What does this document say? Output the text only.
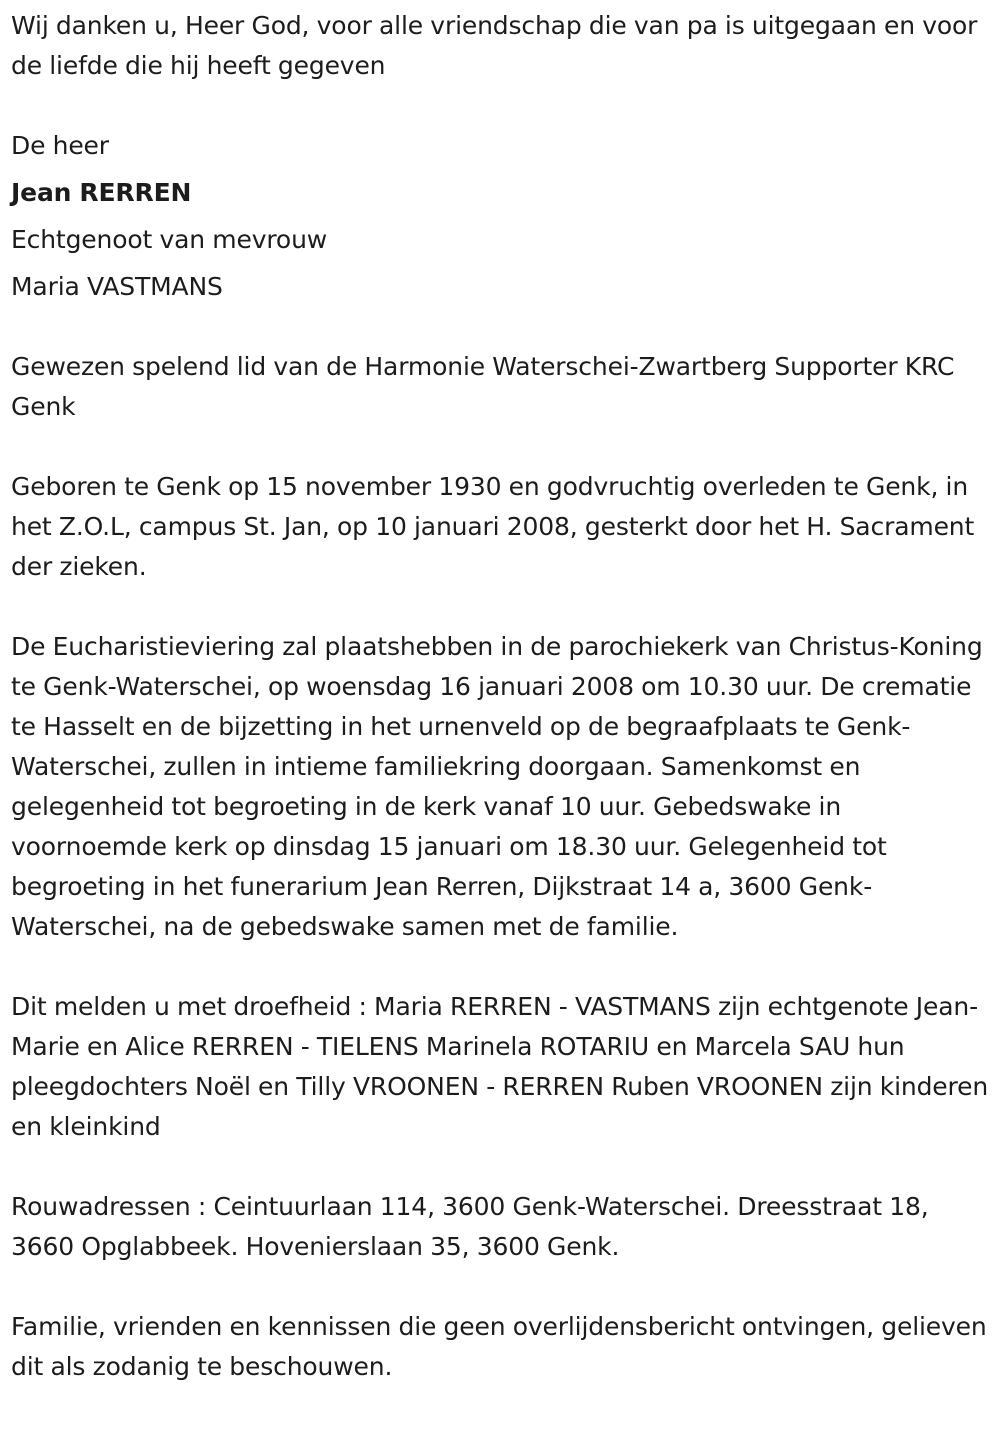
Wij danken u, Heer God, voor alle vriendschap die van pa is uitgegaan en voor de liefde die hij heeft gegeven

De heer

Jean RERREN

Echtgenoot van mevrouw

Maria VASTMANS

Gewezen spelend lid van de Harmonie Waterschei-Zwartberg Supporter KRC Genk

Geboren te Genk op 15 november 1930 en godvruchtig overleden te Genk, in het Z.O.L, campus St. Jan, op 10 januari 2008, gesterkt door het H. Sacrament der zieken.

De Eucharistieviering zal plaatshebben in de parochiekerk van Christus-Koning te Genk-Waterschei, op woensdag 16 januari 2008 om 10.30 uur. De crematie te Hasselt en de bijzetting in het urnenveld op de begraafplaats te Genk-Waterschei, zullen in intieme familiekring doorgaan. Samenkomst en gelegenheid tot begroeting in de kerk vanaf 10 uur. Gebedswake in voornoemde kerk op dinsdag 15 januari om 18.30 uur. Gelegenheid tot begroeting in het funerarium Jean Rerren, Dijkstraat 14 a, 3600 Genk-Waterschei, na de gebedswake samen met de familie.

Dit melden u met droefheid : Maria RERREN - VASTMANS zijn echtgenote Jean-Marie en Alice RERREN - TIELENS Marinela ROTARIU en Marcela SAU hun pleegdochters Noël en Tilly VROONEN - RERREN Ruben VROONEN zijn kinderen en kleinkind

Rouwadressen : Ceintuurlaan 114, 3600 Genk-Waterschei. Dreesstraat 18, 3660 Opglabbeek. Hovenierslaan 35, 3600 Genk.

Familie, vrienden en kennissen die geen overlijdensbericht ontvingen, gelieven dit als zodanig te beschouwen.
